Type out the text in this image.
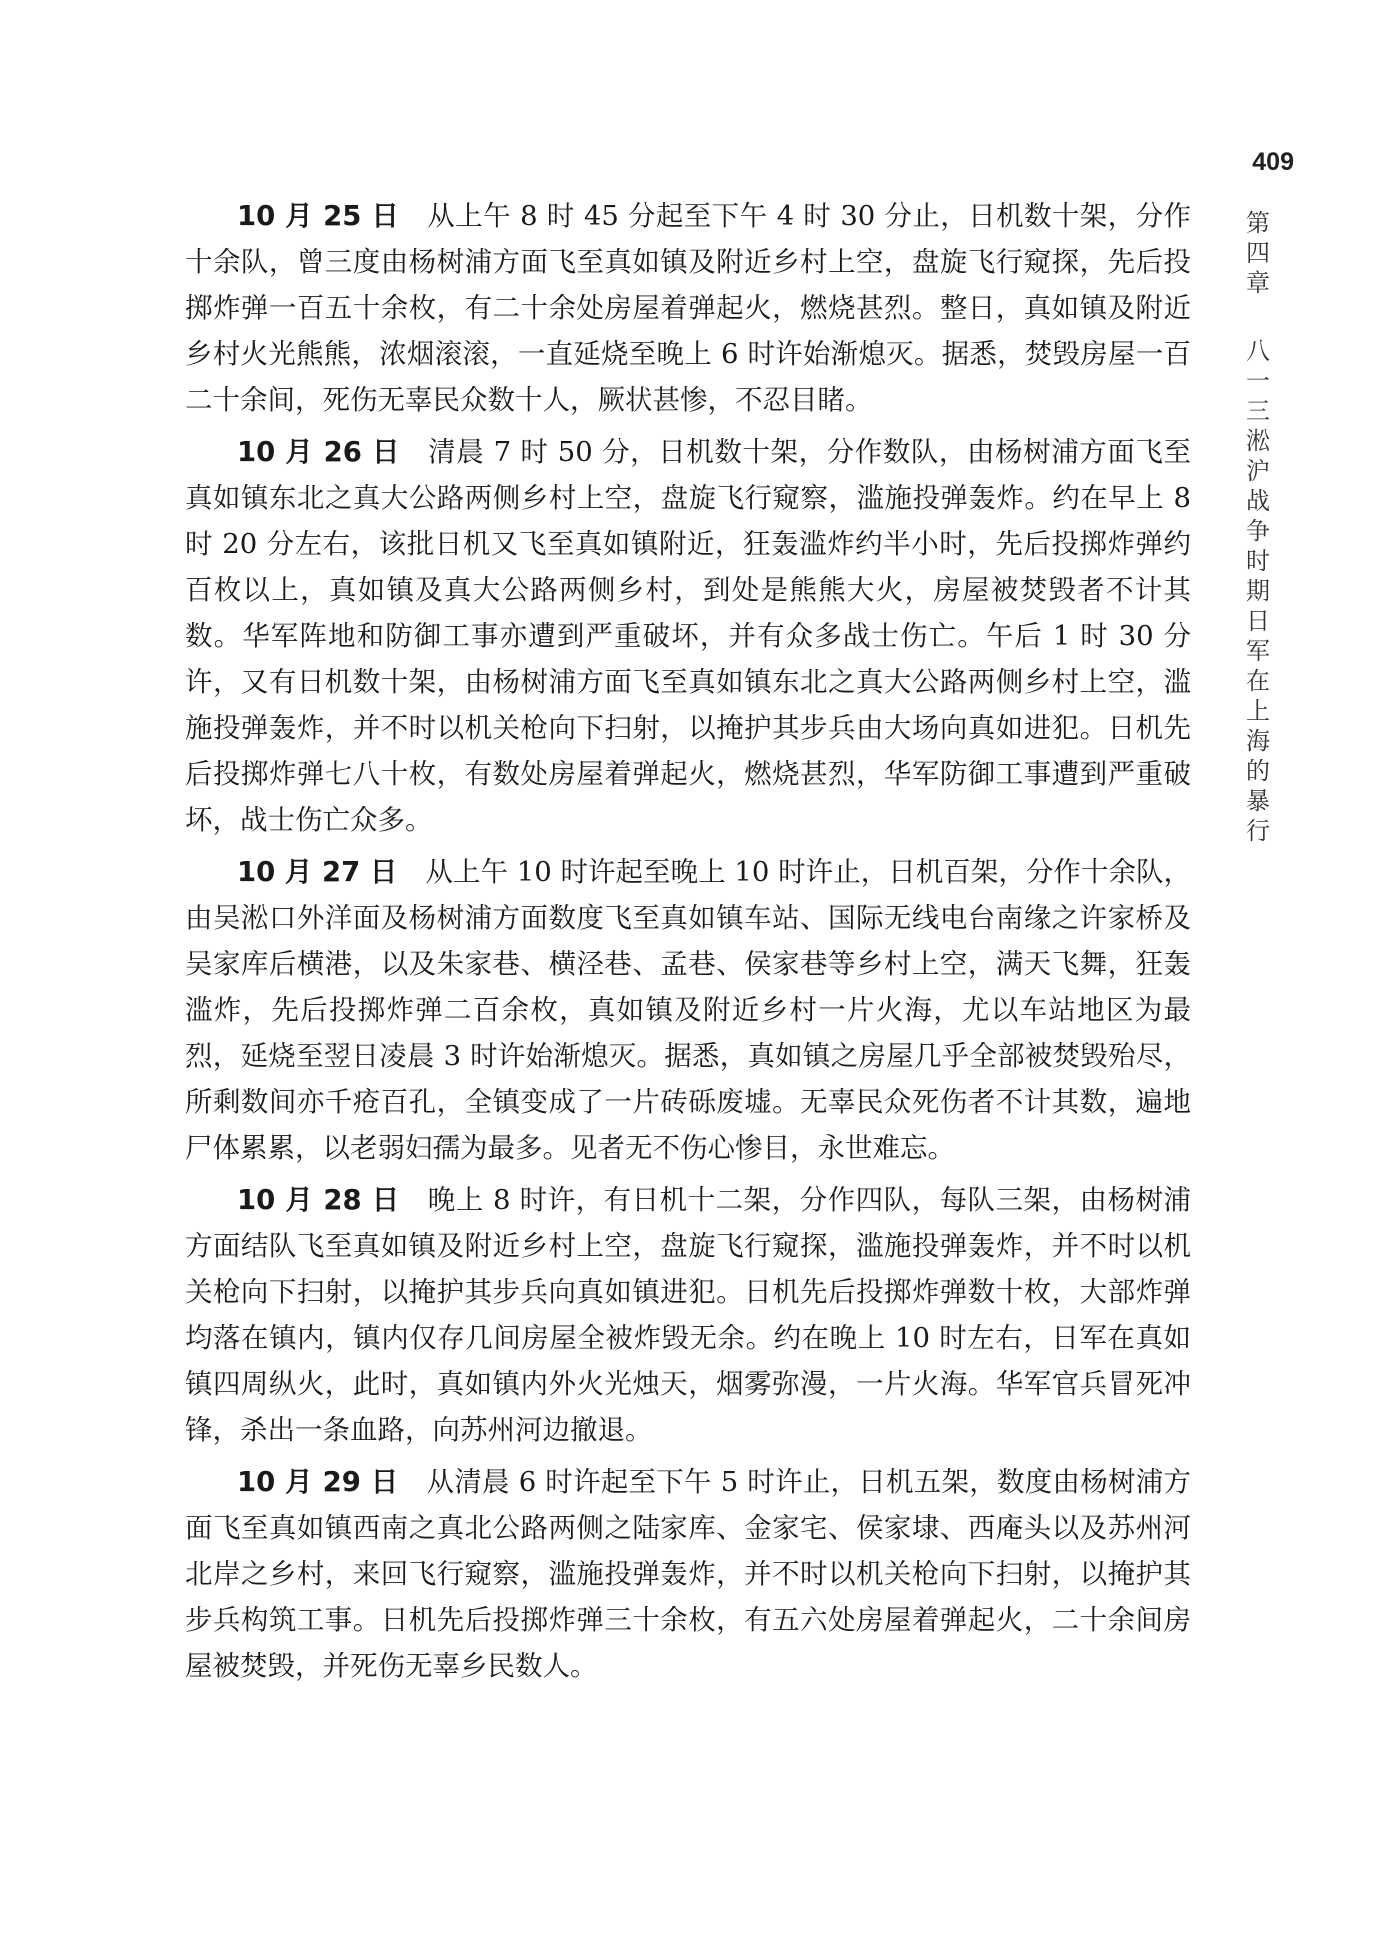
409
第四章
八一三淞沪战争时期日军在上海的暴行

10 月 25 日 从上午 8 时 45 分起至下午 4 时 30 分止，日机数十架，分作十余队，曾三度由杨树浦方面飞至真如镇及附近乡村上空，盘旋飞行窥探，先后投掷炸弹一百五十余枚，有二十余处房屋着弹起火，燃烧甚烈。整日，真如镇及附近乡村火光熊熊，浓烟滚滚，一直延烧至晚上 6 时许始渐熄灭。据悉，焚毁房屋一百二十余间，死伤无辜民众数十人，厥状甚惨，不忍目睹。

10 月 26 日 清晨 7 时 50 分，日机数十架，分作数队，由杨树浦方面飞至真如镇东北之真大公路两侧乡村上空，盘旋飞行窥察，滥施投弹轰炸。约在早上 8 时 20 分左右，该批日机又飞至真如镇附近，狂轰滥炸约半小时，先后投掷炸弹约百枚以上，真如镇及真大公路两侧乡村，到处是熊熊大火，房屋被焚毁者不计其数。华军阵地和防御工事亦遭到严重破坏，并有众多战士伤亡。午后 1 时 30 分许，又有日机数十架，由杨树浦方面飞至真如镇东北之真大公路两侧乡村上空，滥施投弹轰炸，并不时以机关枪向下扫射，以掩护其步兵由大场向真如进犯。日机先后投掷炸弹七八十枚，有数处房屋着弹起火，燃烧甚烈，华军防御工事遭到严重破坏，战士伤亡众多。

10 月 27 日 从上午 10 时许起至晚上 10 时许止，日机百架，分作十余队，由吴淞口外洋面及杨树浦方面数度飞至真如镇车站、国际无线电台南缘之许家桥及吴家库后横港，以及朱家巷、横泾巷、孟巷、侯家巷等乡村上空，满天飞舞，狂轰滥炸，先后投掷炸弹二百余枚，真如镇及附近乡村一片火海，尤以车站地区为最烈，延烧至翌日凌晨 3 时许始渐熄灭。据悉，真如镇之房屋几乎全部被焚毁殆尽，所剩数间亦千疮百孔，全镇变成了一片砖砾废墟。无辜民众死伤者不计其数，遍地尸体累累，以老弱妇孺为最多。见者无不伤心惨目，永世难忘。

10 月 28 日 晚上 8 时许，有日机十二架，分作四队，每队三架，由杨树浦方面结队飞至真如镇及附近乡村上空，盘旋飞行窥探，滥施投弹轰炸，并不时以机关枪向下扫射，以掩护其步兵向真如镇进犯。日机先后投掷炸弹数十枚，大部炸弹均落在镇内，镇内仅存几间房屋全被炸毁无余。约在晚上 10 时左右，日军在真如镇四周纵火，此时，真如镇内外火光烛天，烟雾弥漫，一片火海。华军官兵冒死冲锋，杀出一条血路，向苏州河边撤退。

10 月 29 日 从清晨 6 时许起至下午 5 时许止，日机五架，数度由杨树浦方面飞至真如镇西南之真北公路两侧之陆家库、金家宅、侯家埭、西庵头以及苏州河北岸之乡村，来回飞行窥察，滥施投弹轰炸，并不时以机关枪向下扫射，以掩护其步兵构筑工事。日机先后投掷炸弹三十余枚，有五六处房屋着弹起火，二十余间房屋被焚毁，并死伤无辜乡民数人。
